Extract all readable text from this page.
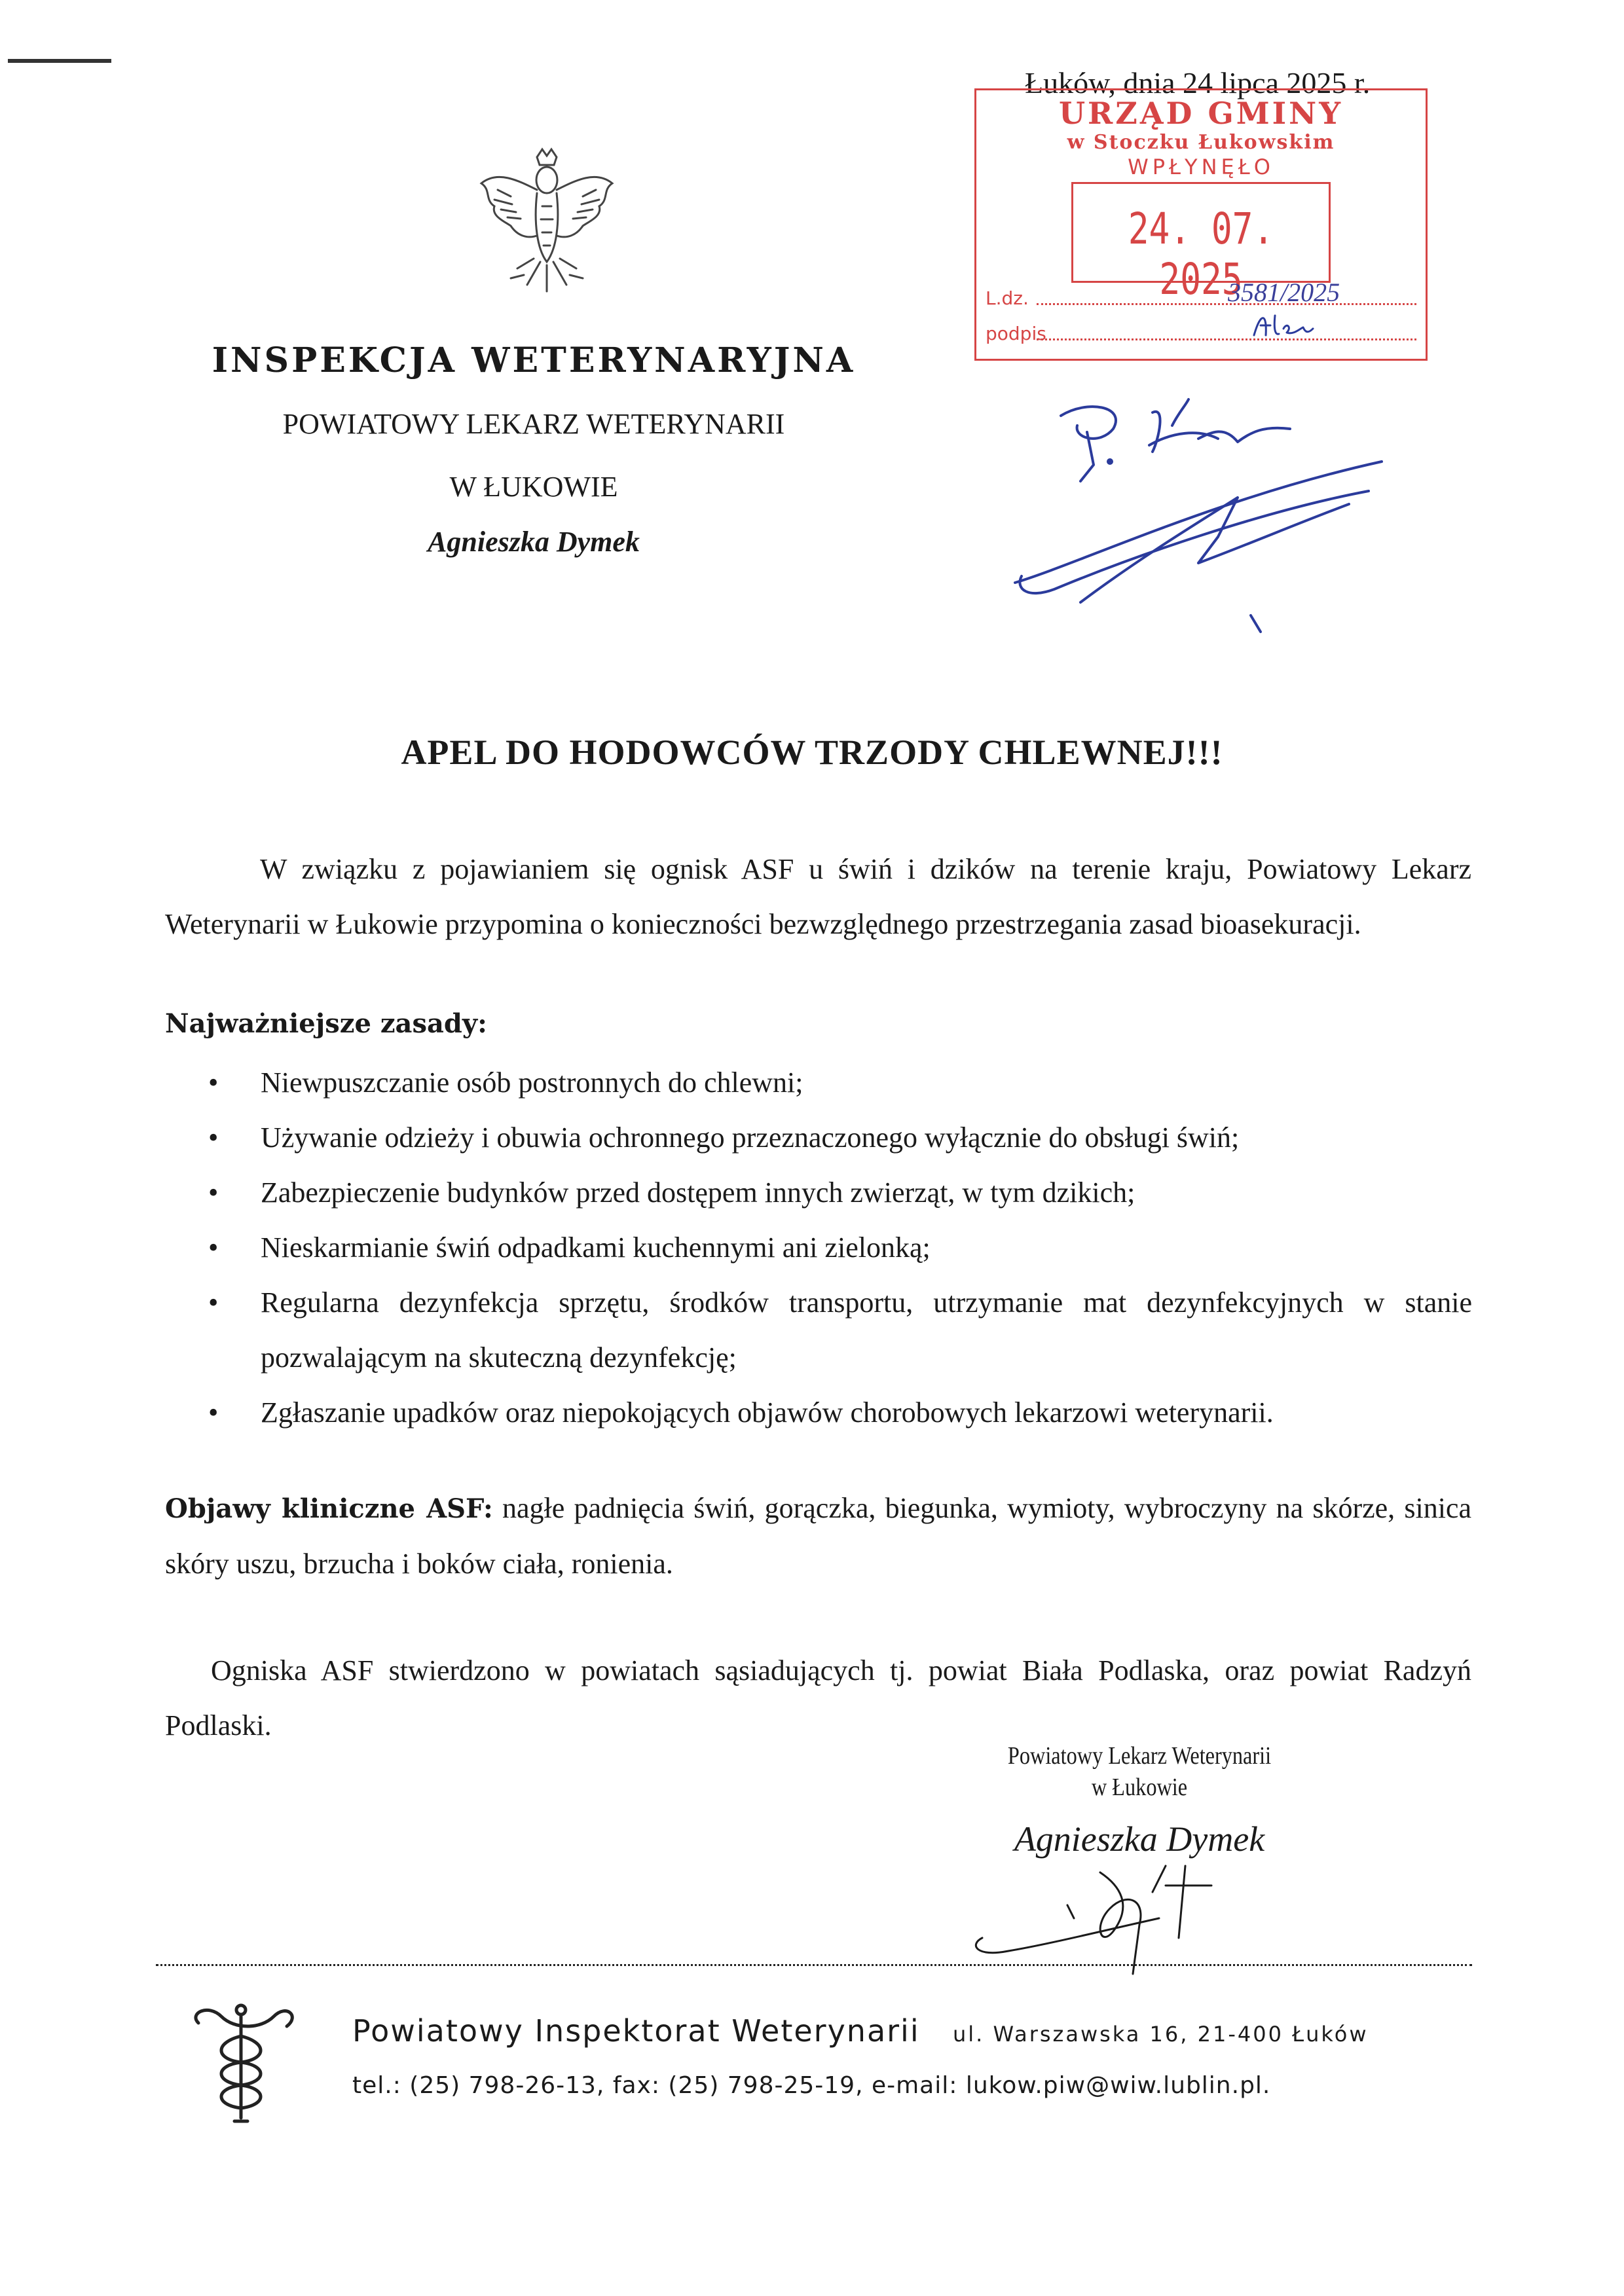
Łuków, dnia 24 lipca 2025 r.
URZĄD GMINY
w Stoczku Łukowskim
WPŁYNĘŁO
24. 07. 2025
L.dz.	3581/2025
podpis
INSPEKCJA WETERYNARYJNA
POWIATOWY LEKARZ WETERYNARII
W ŁUKOWIE
Agnieszka Dymek
APEL DO HODOWCÓW TRZODY CHLEWNEJ!!!
W związku z pojawianiem się ognisk ASF u świń i dzików na terenie kraju, Powiatowy Lekarz Weterynarii w Łukowie przypomina o konieczności bezwzględnego przestrzegania zasad bioasekuracji.
Najważniejsze zasady:
• Niewpuszczanie osób postronnych do chlewni;
• Używanie odzieży i obuwia ochronnego przeznaczonego wyłącznie do obsługi świń;
• Zabezpieczenie budynków przed dostępem innych zwierząt, w tym dzikich;
• Nieskarmianie świń odpadkami kuchennymi ani zielonką;
• Regularna dezynfekcja sprzętu, środków transportu, utrzymanie mat dezynfekcyjnych w stanie pozwalającym na skuteczną dezynfekcję;
• Zgłaszanie upadków oraz niepokojących objawów chorobowych lekarzowi weterynarii.
Objawy kliniczne ASF: nagłe padnięcia świń, gorączka, biegunka, wymioty, wybroczyny na skórze, sinica skóry uszu, brzucha i boków ciała, ronienia.
Ogniska ASF stwierdzono w powiatach sąsiadujących tj. powiat Biała Podlaska, oraz powiat Radzyń Podlaski.
Powiatowy Lekarz Weterynarii
w Łukowie
Agnieszka Dymek
Powiatowy Inspektorat Weterynarii ul. Warszawska 16, 21-400 Łuków
tel.: (25) 798-26-13, fax: (25) 798-25-19, e-mail: lukow.piw@wiw.lublin.pl.
